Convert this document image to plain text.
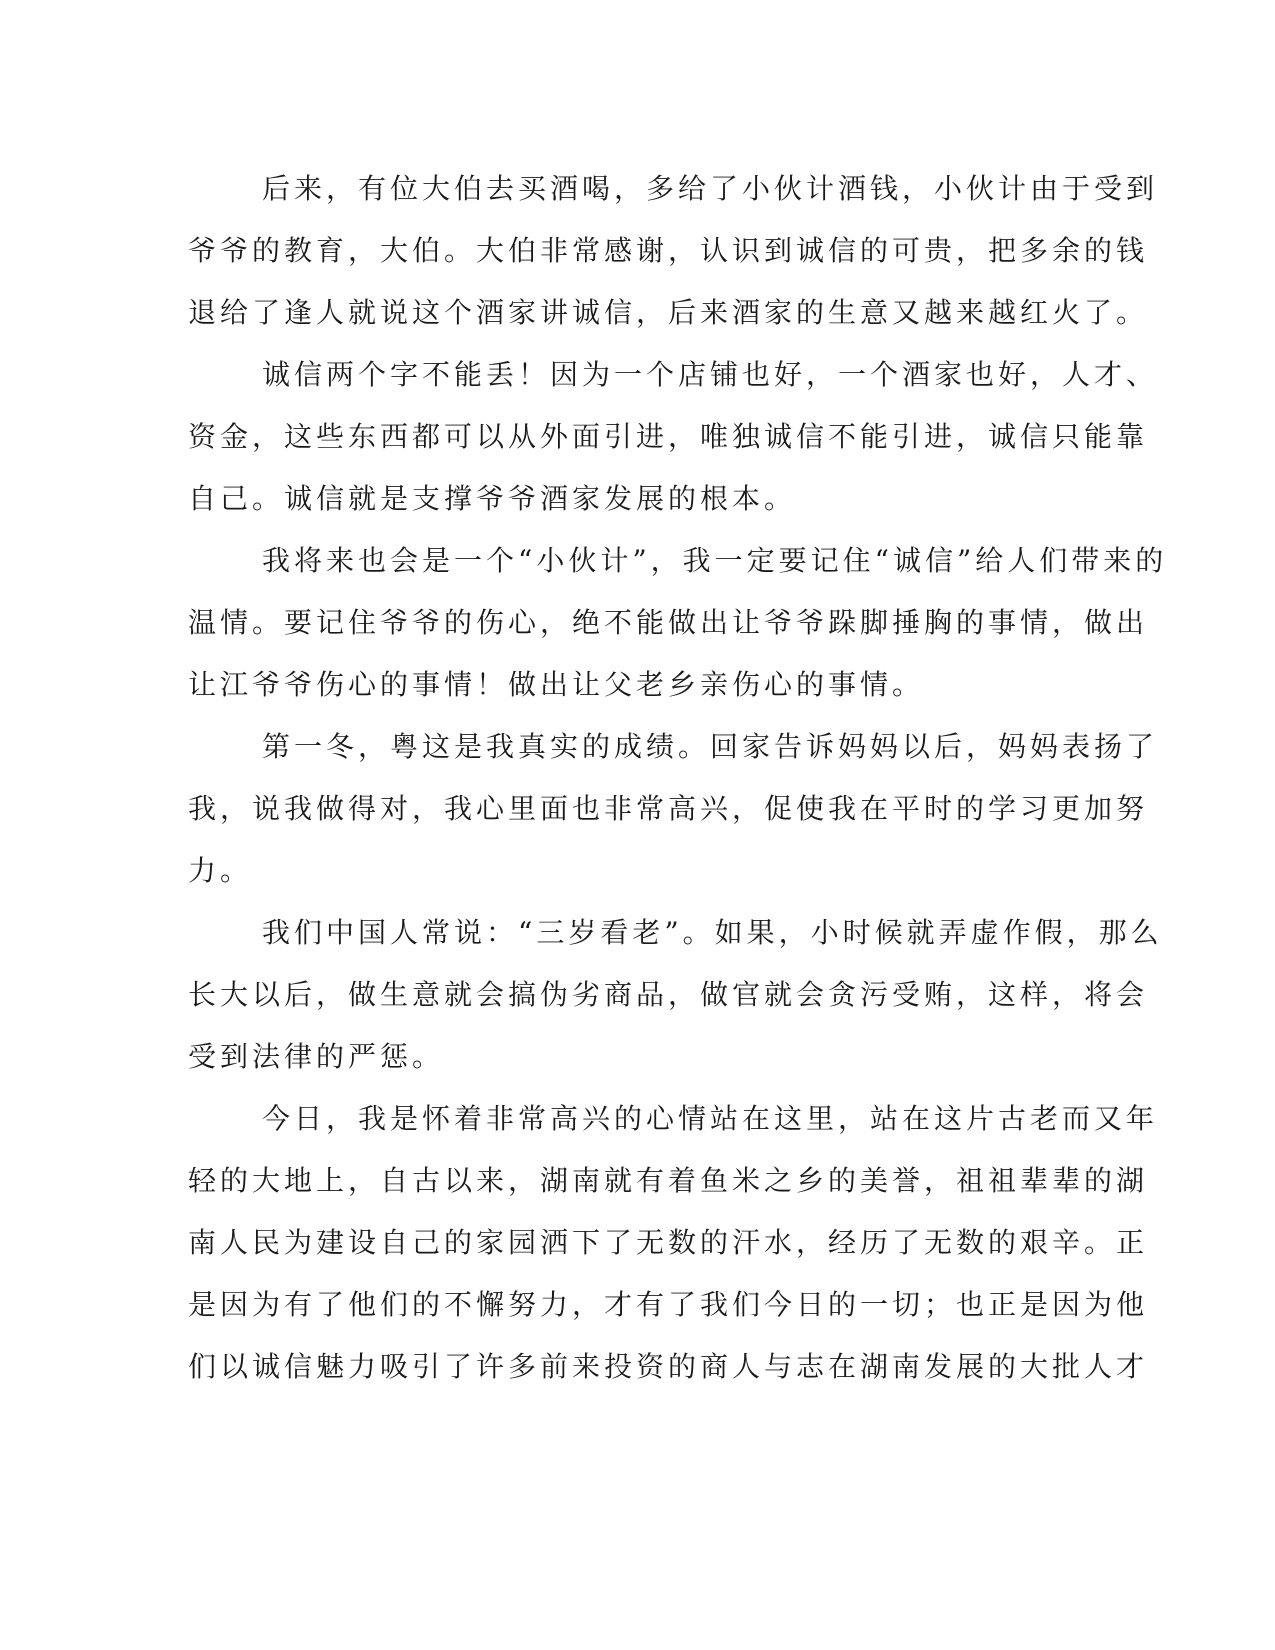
后来，有位大伯去买酒喝，多给了小伙计酒钱，小伙计由于受到
爷爷的教育，大伯。大伯非常感谢，认识到诚信的可贵，把多余的钱
退给了逢人就说这个酒家讲诚信，后来酒家的生意又越来越红火了。
诚信两个字不能丢！因为一个店铺也好，一个酒家也好，人才、
资金，这些东西都可以从外面引进，唯独诚信不能引进，诚信只能靠
自己。诚信就是支撑爷爷酒家发展的根本。
我将来也会是一个“小伙计”，我一定要记住“诚信”给人们带来的
温情。要记住爷爷的伤心，绝不能做出让爷爷跺脚捶胸的事情，做出
让江爷爷伤心的事情！做出让父老乡亲伤心的事情。
第一冬，粤这是我真实的成绩。回家告诉妈妈以后，妈妈表扬了
我，说我做得对，我心里面也非常高兴，促使我在平时的学习更加努
力。
我们中国人常说：“三岁看老”。如果，小时候就弄虚作假，那么
长大以后，做生意就会搞伪劣商品，做官就会贪污受贿，这样，将会
受到法律的严惩。
今日，我是怀着非常高兴的心情站在这里，站在这片古老而又年
轻的大地上，自古以来，湖南就有着鱼米之乡的美誉，祖祖辈辈的湖
南人民为建设自己的家园洒下了无数的汗水，经历了无数的艰辛。正
是因为有了他们的不懈努力，才有了我们今日的一切；也正是因为他
们以诚信魅力吸引了许多前来投资的商人与志在湖南发展的大批人才
